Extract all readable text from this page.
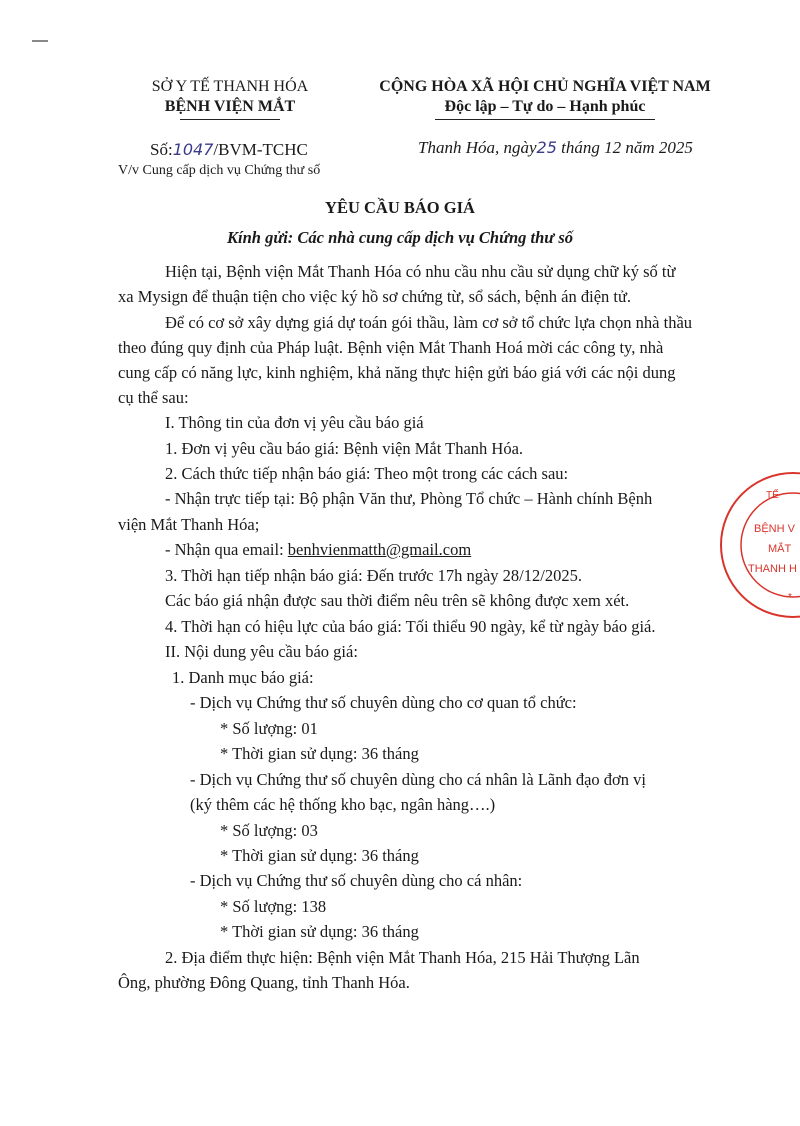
SỞ Y TẾ THANH HÓA
BỆNH VIỆN MẮT
CỘNG HÒA XÃ HỘI CHỦ NGHĨA VIỆT NAM
Độc lập – Tự do – Hạnh phúc
Số:1047/BVM-TCHC
V/v Cung cấp dịch vụ Chứng thư số
Thanh Hóa, ngày25 tháng 12 năm 2025
YÊU CẦU BÁO GIÁ
Kính gửi: Các nhà cung cấp dịch vụ Chứng thư số
Hiện tại, Bệnh viện Mắt Thanh Hóa có nhu cầu nhu cầu sử dụng chữ ký số từ
xa Mysign để thuận tiện cho việc ký hồ sơ chứng từ, sổ sách, bệnh án điện tử.
Để có cơ sở xây dựng giá dự toán gói thầu, làm cơ sở tổ chức lựa chọn nhà thầu
theo đúng quy định của Pháp luật. Bệnh viện Mắt Thanh Hoá mời các công ty, nhà
cung cấp có năng lực, kinh nghiệm, khả năng thực hiện gửi báo giá với các nội dung
cụ thể sau:
I. Thông tin của đơn vị yêu cầu báo giá
1. Đơn vị yêu cầu báo giá: Bệnh viện Mắt Thanh Hóa.
2. Cách thức tiếp nhận báo giá: Theo một trong các cách sau:
- Nhận trực tiếp tại: Bộ phận Văn thư, Phòng Tổ chức – Hành chính Bệnh
viện Mắt Thanh Hóa;
- Nhận qua email: benhvienmatth@gmail.com
3. Thời hạn tiếp nhận báo giá: Đến trước 17h ngày 28/12/2025.
Các báo giá nhận được sau thời điểm nêu trên sẽ không được xem xét.
4. Thời hạn có hiệu lực của báo giá: Tối thiểu 90 ngày, kể từ ngày báo giá.
II. Nội dung yêu cầu báo giá:
1. Danh mục báo giá:
- Dịch vụ Chứng thư số chuyên dùng cho cơ quan tổ chức:
* Số lượng: 01
* Thời gian sử dụng: 36 tháng
- Dịch vụ Chứng thư số chuyên dùng cho cá nhân là Lãnh đạo đơn vị
(ký thêm các hệ thống kho bạc, ngân hàng….)
* Số lượng: 03
* Thời gian sử dụng: 36 tháng
- Dịch vụ Chứng thư số chuyên dùng cho cá nhân:
* Số lượng: 138
* Thời gian sử dụng: 36 tháng
2. Địa điểm thực hiện: Bệnh viện Mắt Thanh Hóa, 215 Hải Thượng Lãn
Ông, phường Đông Quang, tỉnh Thanh Hóa.
TẾ
BỆNH V
MẮT
THANH H
*
